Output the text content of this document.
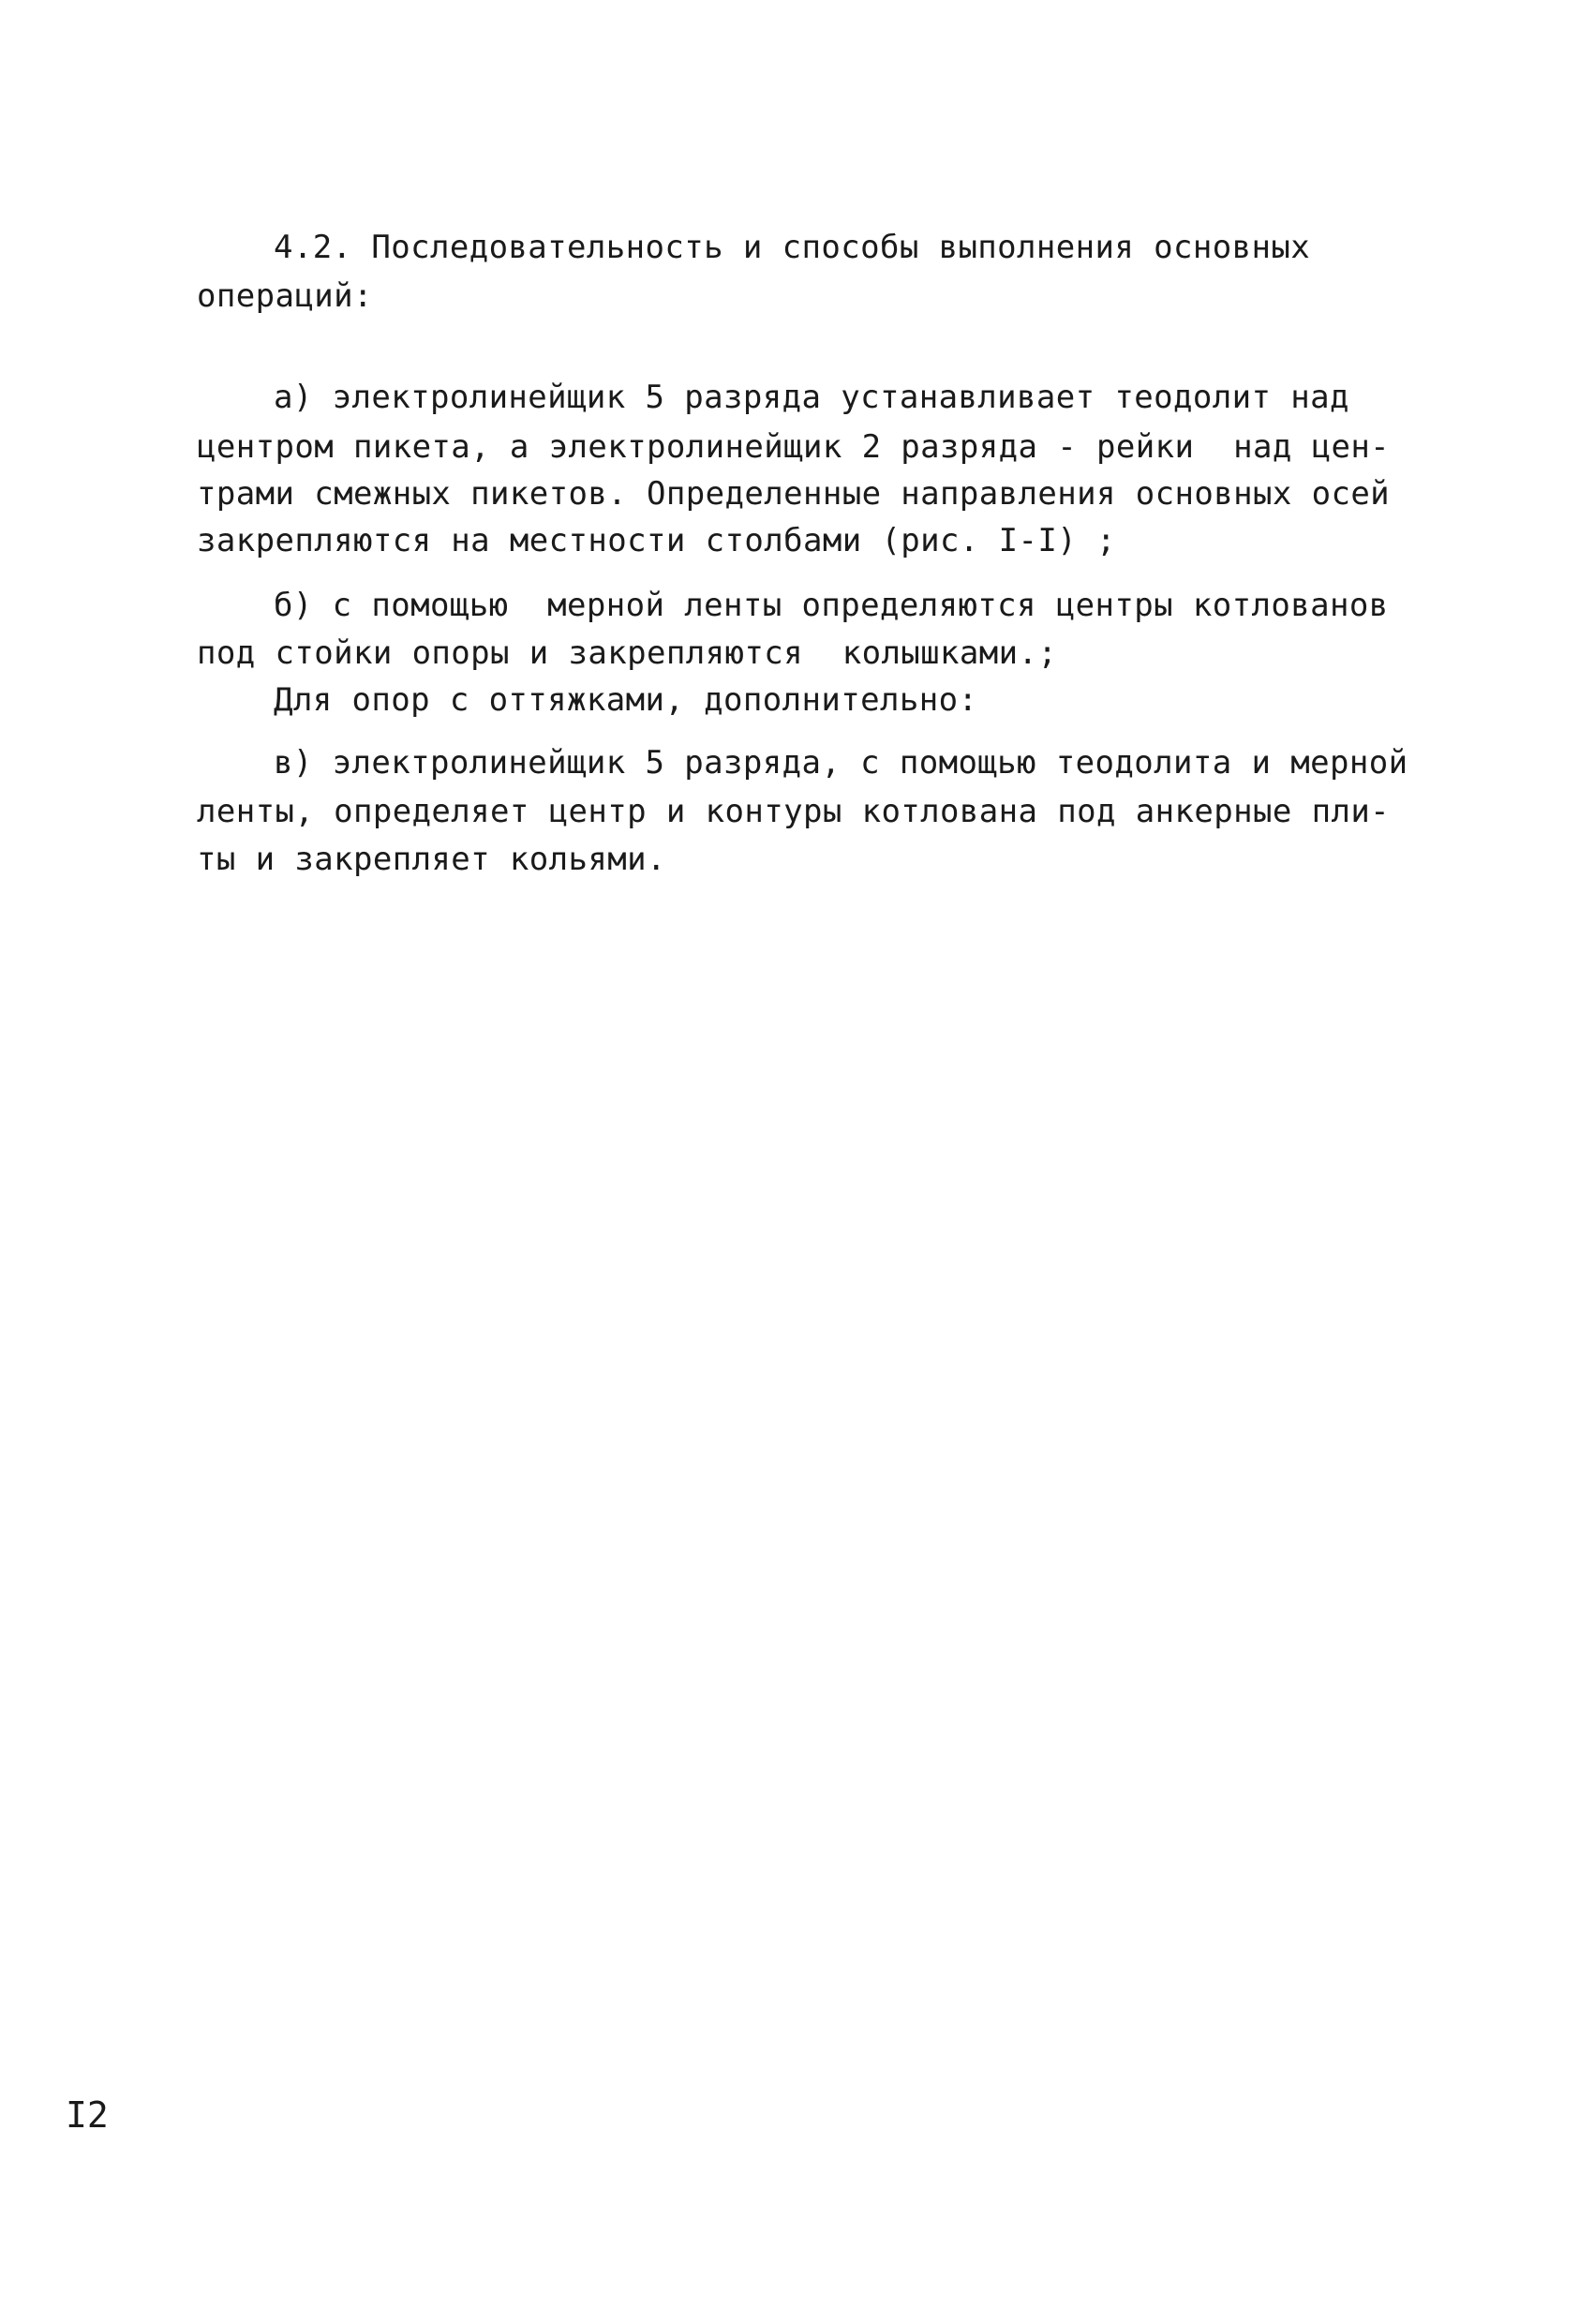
4.2. Последовательность и способы выполнения основных
операций:
а) электролинейщик 5 разряда устанавливает теодолит над
центром пикета, а электролинейщик 2 разряда - рейки  над цен-
трами смежных пикетов. Определенные направления основных осей
закрепляются на местности столбами (рис. I-I) ;
б) с помощью  мерной ленты определяются центры котлованов
под стойки опоры и закрепляются  колышками.;
Для опор с оттяжками, дополнительно:
в) электролинейщик 5 разряда, с помощью теодолита и мерной
ленты, определяет центр и контуры котлована под анкерные пли-
ты и закрепляет кольями.
I2
